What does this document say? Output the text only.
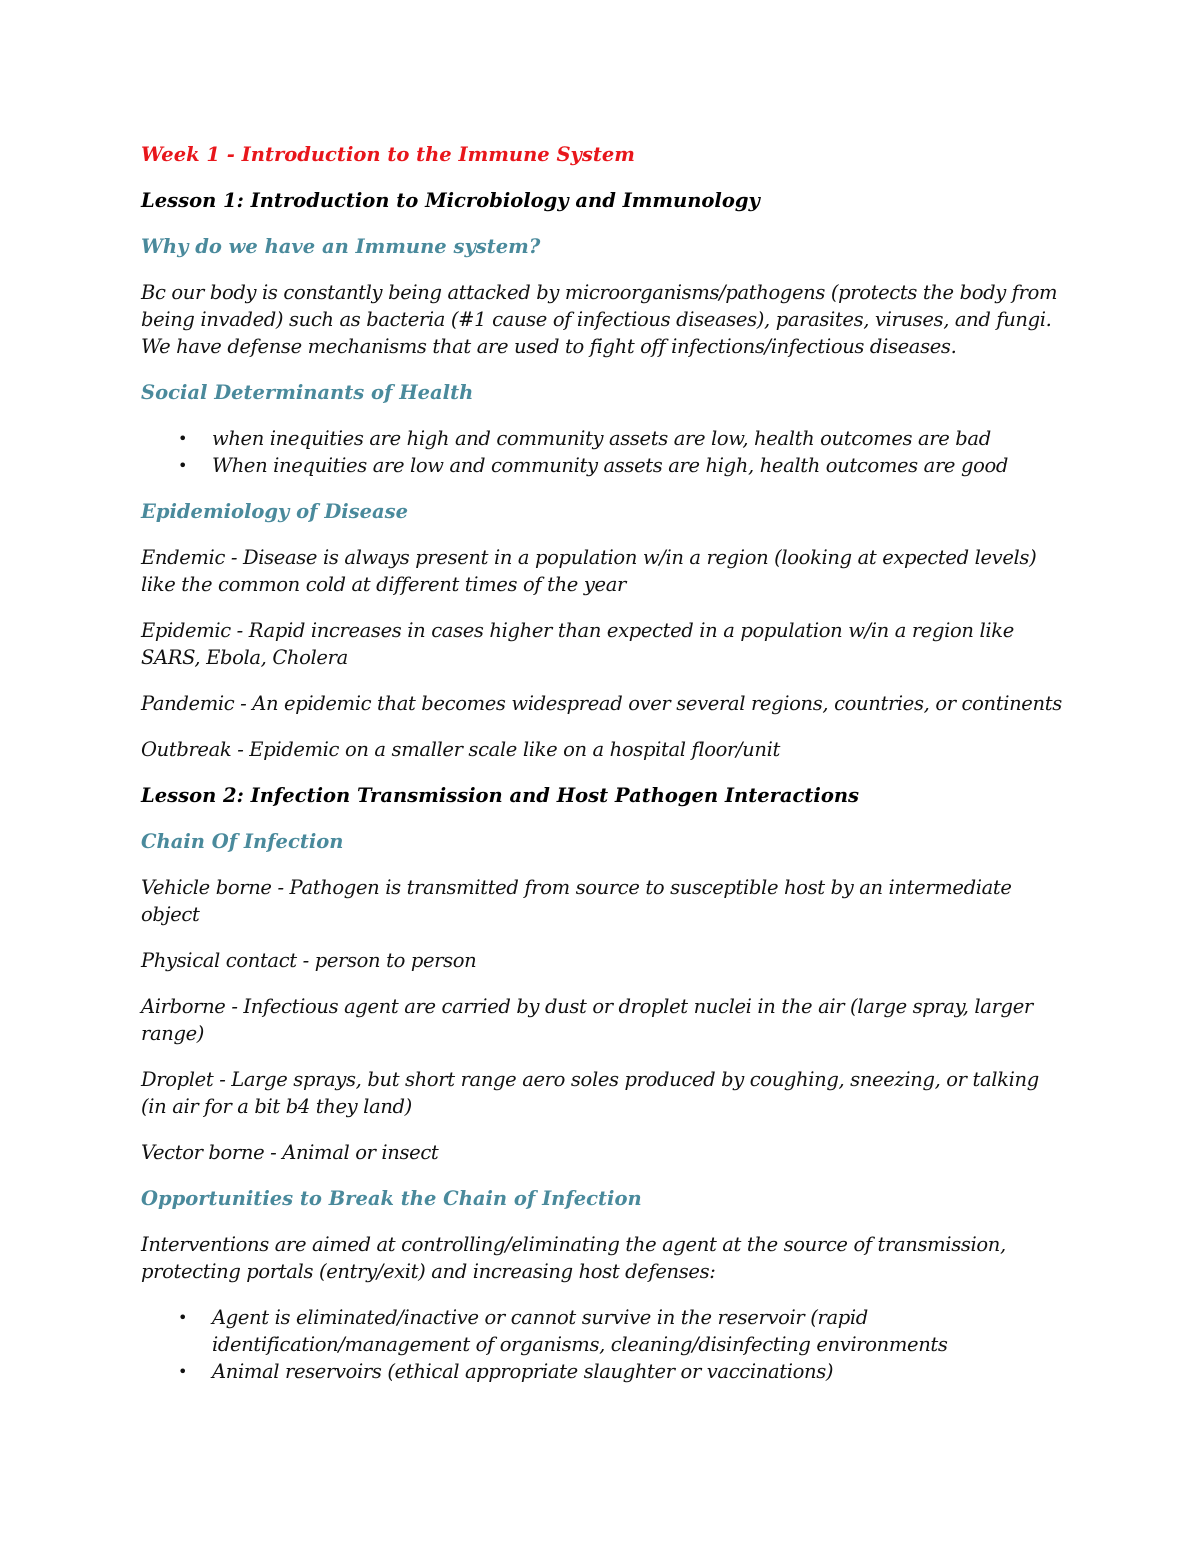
Week 1 - Introduction to the Immune System

Lesson 1: Introduction to Microbiology and Immunology

Why do we have an Immune system?

Bc our body is constantly being attacked by microorganisms/pathogens (protects the body from being invaded) such as bacteria (#1 cause of infectious diseases), parasites, viruses, and fungi. We have defense mechanisms that are used to fight off infections/infectious diseases.

Social Determinants of Health

• when inequities are high and community assets are low, health outcomes are bad
• When inequities are low and community assets are high, health outcomes are good

Epidemiology of Disease

Endemic - Disease is always present in a population w/in a region (looking at expected levels) like the common cold at different times of the year

Epidemic - Rapid increases in cases higher than expected in a population w/in a region like SARS, Ebola, Cholera

Pandemic - An epidemic that becomes widespread over several regions, countries, or continents

Outbreak - Epidemic on a smaller scale like on a hospital floor/unit

Lesson 2: Infection Transmission and Host Pathogen Interactions

Chain Of Infection

Vehicle borne - Pathogen is transmitted from source to susceptible host by an intermediate object

Physical contact - person to person

Airborne - Infectious agent are carried by dust or droplet nuclei in the air (large spray, larger range)

Droplet - Large sprays, but short range aero soles produced by coughing, sneezing, or talking (in air for a bit b4 they land)

Vector borne - Animal or insect

Opportunities to Break the Chain of Infection

Interventions are aimed at controlling/eliminating the agent at the source of transmission, protecting portals (entry/exit) and increasing host defenses:

• Agent is eliminated/inactive or cannot survive in the reservoir (rapid identification/management of organisms, cleaning/disinfecting environments
• Animal reservoirs (ethical appropriate slaughter or vaccinations)
